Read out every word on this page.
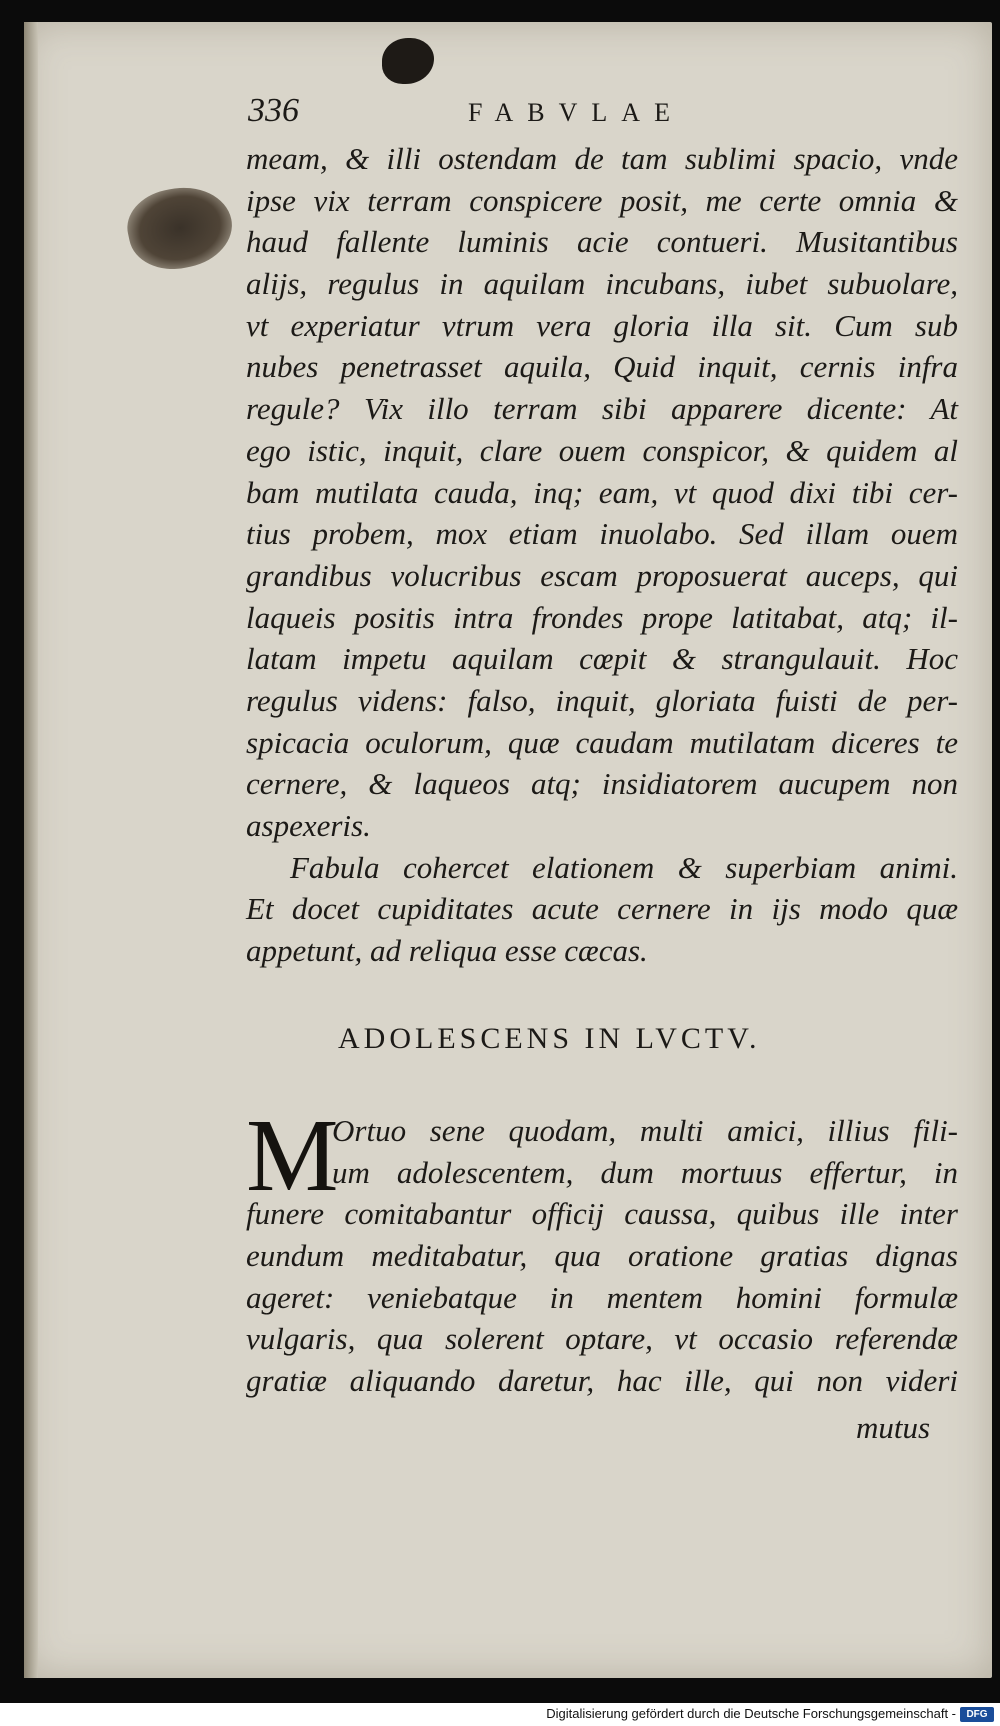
336	FABVLAE
meam, & illi ostendam de tam sublimi spacio, vnde
ipse vix terram conspicere posit, me certe omnia &
haud fallente luminis acie contueri. Musitantibus
alijs, regulus in aquilam incubans, iubet subuolare,
vt experiatur vtrum vera gloria illa sit. Cum sub
nubes penetrasset aquila, Quid inquit, cernis infra
regule? Vix illo terram sibi apparere dicente: At
ego istic, inquit, clare ouem conspicor, & quidem al
bam mutilata cauda, inq; eam, vt quod dixi tibi cer-
tius probem, mox etiam inuolabo. Sed illam ouem
grandibus volucribus escam proposuerat auceps, qui
laqueis positis intra frondes prope latitabat, atq; il-
latam impetu aquilam cœpit & strangulauit. Hoc
regulus videns: falso, inquit, gloriata fuisti de per-
spicacia oculorum, quæ caudam mutilatam diceres te
cernere, & laqueos atq; insidiatorem aucupem non
aspexeris.
Fabula cohercet elationem & superbiam animi.
Et docet cupiditates acute cernere in ijs modo quæ
appetunt, ad reliqua esse cæcas.
ADOLESCENS IN LVCTV.
M
Ortuo sene quodam, multi amici, illius fili-
um adolescentem, dum mortuus effertur, in
funere comitabantur officij caussa, quibus ille inter
eundum meditabatur, qua oratione gratias dignas
ageret: veniebatque in mentem homini formulæ
vulgaris, qua solerent optare, vt occasio referendæ
gratiæ aliquando daretur, hac ille, qui non videri
mutus
Digitalisierung gefördert durch die Deutsche Forschungsgemeinschaft -	DFG
